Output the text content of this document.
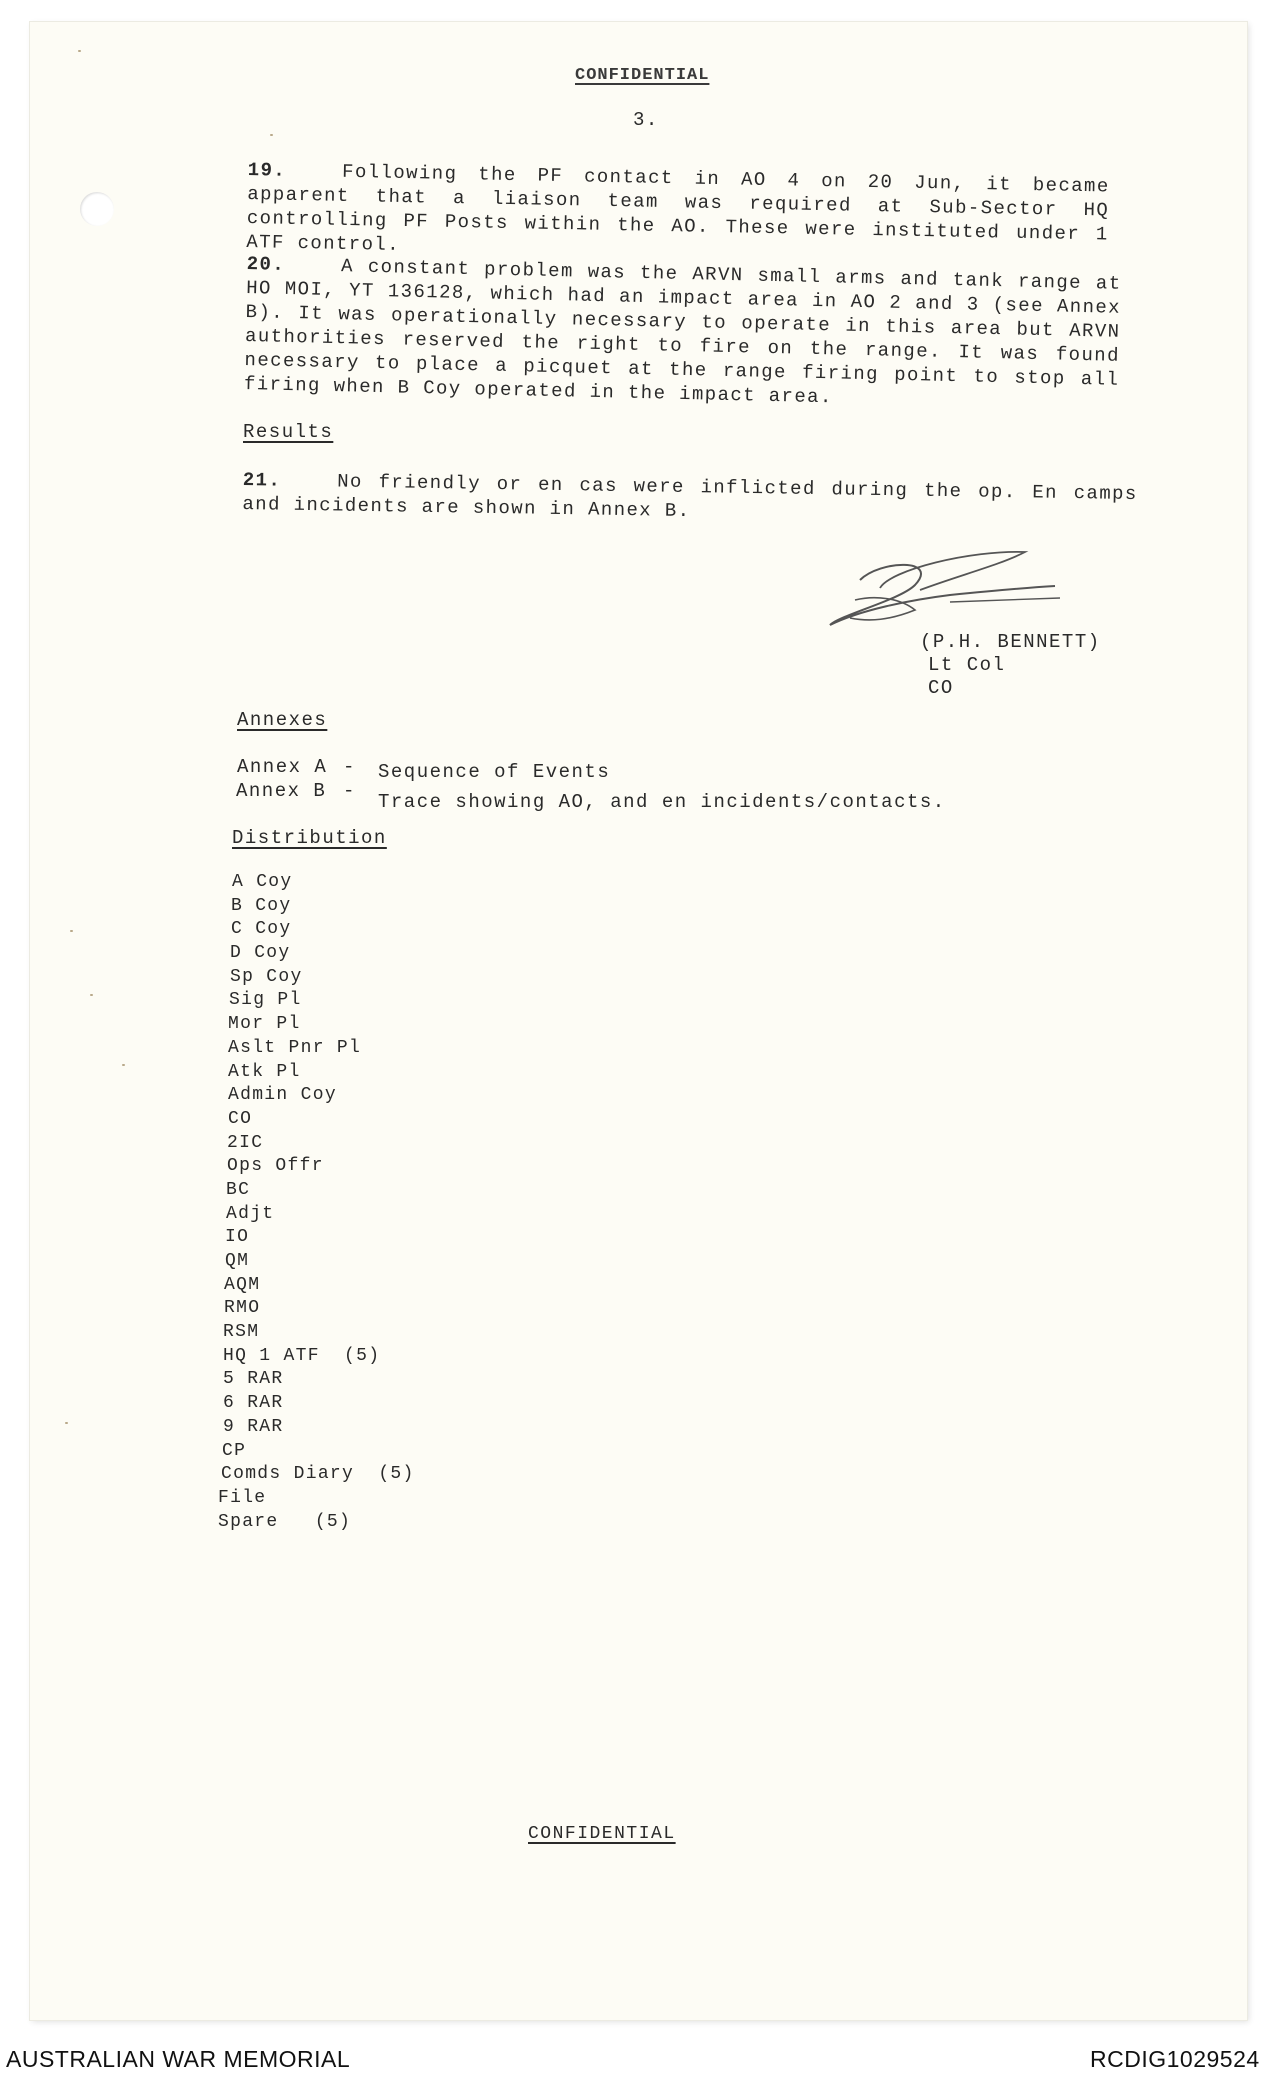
CONFIDENTIAL
3.
19.	Following the PF contact in AO 4 on 20 Jun, it became apparent that a liaison team was required at Sub-Sector HQ controlling PF Posts within the AO. These were instituted under 1 ATF control.
20.	A constant problem was the ARVN small arms and tank range at HO MOI, YT 136128, which had an impact area in AO 2 and 3 (see Annex B). It was operationally necessary to operate in this area but ARVN authorities reserved the right to fire on the range. It was found necessary to place a picquet at the range firing point to stop all firing when B Coy operated in the impact area.
Results
21.	No friendly or en cas were inflicted during the op. En camps and incidents are shown in Annex B.
(P.H. BENNETT)
Lt Col
CO
Annexes
Annex A - Sequence of Events
Annex B - Trace showing AO, and en incidents/contacts.
Distribution
A Coy
B Coy
C Coy
D Coy
Sp Coy
Sig Pl
Mor Pl
Aslt Pnr Pl
Atk Pl
Admin Coy
CO
2IC
Ops Offr
BC
Adjt
IO
QM
AQM
RMO
RSM
HQ 1 ATF  (5)
5 RAR
6 RAR
9 RAR
CP
Comds Diary  (5)
File
Spare   (5)
CONFIDENTIAL
AUSTRALIAN WAR MEMORIAL	RCDIG1029524
